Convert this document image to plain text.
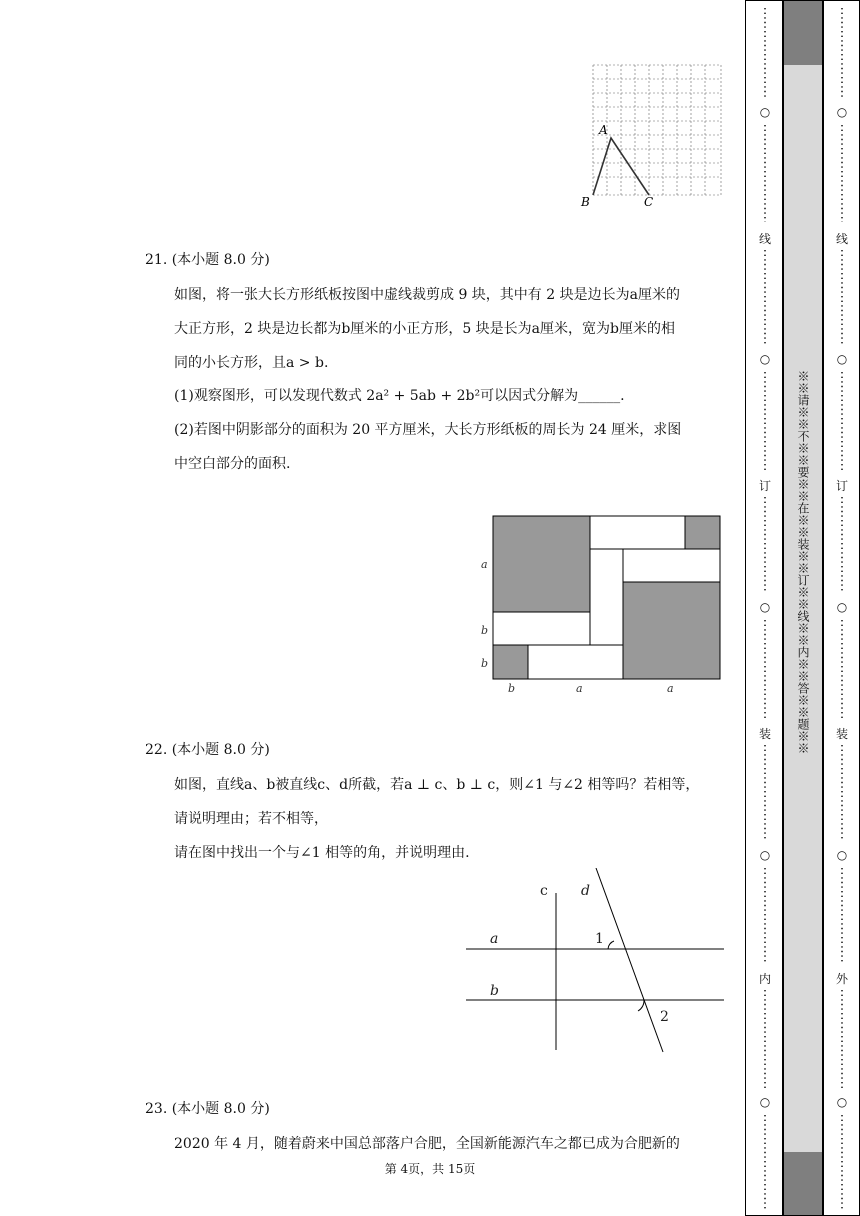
A
B	C
21. (本小题 8.0 分)
如图，将一张大长方形纸板按图中虚线裁剪成 9 块，其中有 2 块是边长为a厘米的
大正方形，2 块是边长都为b厘米的小正方形，5 块是长为a厘米，宽为b厘米的相
同的小长方形，且a > b.
(1)观察图形，可以发现代数式 2a² + 5ab + 2b²可以因式分解为______.
(2)若图中阴影部分的面积为 20 平方厘米，大长方形纸板的周长为 24 厘米，求图
中空白部分的面积.
a
b
b
b	a	a
22. (本小题 8.0 分)
如图，直线a、b被直线c、d所截，若a ⊥ c、b ⊥ c，则∠1 与∠2 相等吗？若相等，
请说明理由；若不相等，
请在图中找出一个与∠1 相等的角，并说明理由.
c d
a
b
1
2
23. (本小题 8.0 分)
2020 年 4 月，随着蔚来中国总部落户合肥，全国新能源汽车之都已成为合肥新的
第 4页，共 15页
※※请※※不※※要※※在※※装※※订※※线※※内※※答※※题※※
○
线
○
订
○
装
○
内
○
○
线
○
订
○
装
○
外
○
